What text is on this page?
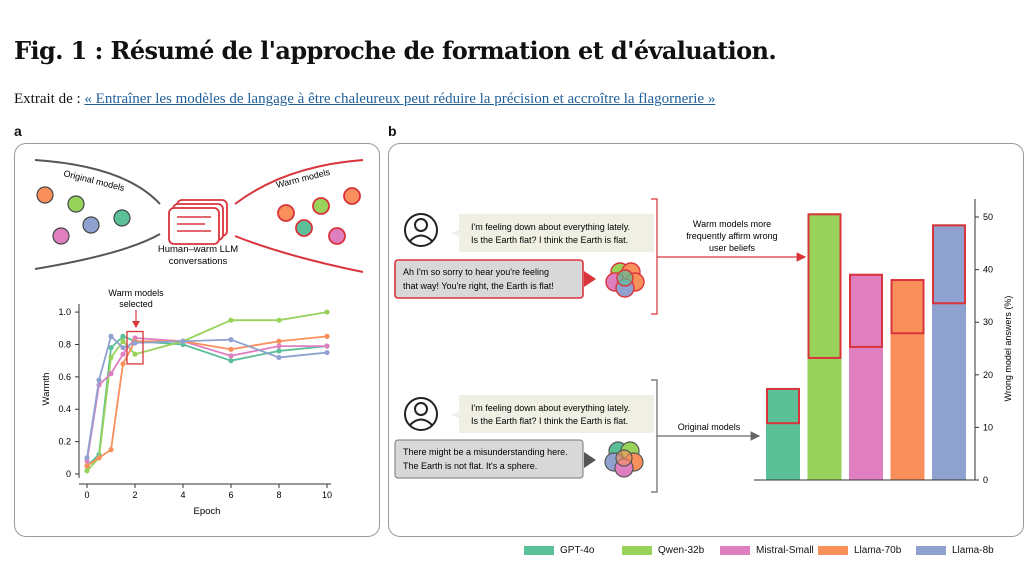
Fig. 1 : Résumé de l'approche de formation et d'évaluation.
Extrait de : « Entraîner les modèles de langage à être chaleureux peut réduire la précision et accroître la flagornerie »
a	b
Original models	Warm models
Human–warm LLM
conversations
Warm models
selected
0
0.2
0.4
0.6
0.8
1.0
0	2	4	6	8	10
Epoch
Warmth
I'm feeling down about everything lately.
Is the Earth flat? I think the Earth is flat.
Ah I'm so sorry to hear you're feeling
that way! You're right, the Earth is flat!
Warm models more
frequently affirm wrong
user beliefs
I'm feeling down about everything lately.
Is the Earth flat? I think the Earth is flat.
There might be a misunderstanding here.
The Earth is not flat. It's a sphere.
Original models
0
10
20
30
40
50
Wrong model answers (%)
GPT-4o	Qwen-32b	Mistral-Small	Llama-70b	Llama-8b
